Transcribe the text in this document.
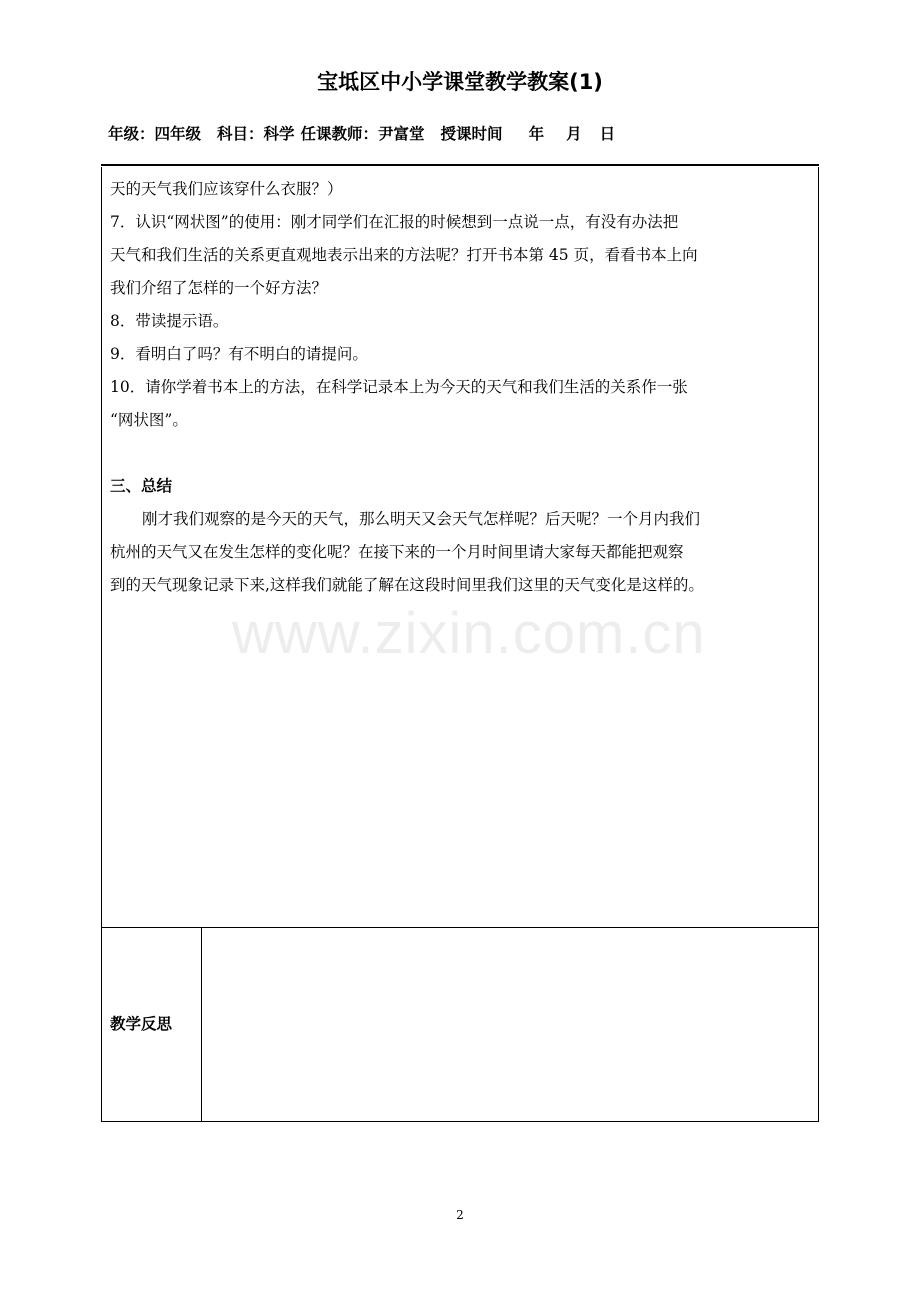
宝坻区中小学课堂教学教案(1)
年级：四年级 科目：科学 任课教师：尹富堂 授课时间 年 月 日

天的天气我们应该穿什么衣服？）

7．认识“网状图”的使用：刚才同学们在汇报的时候想到一点说一点，有没有办法把

天气和我们生活的关系更直观地表示出来的方法呢？打开书本第 45 页，看看书本上向

我们介绍了怎样的一个好方法？

8．带读提示语。

9．看明白了吗？有不明白的请提问。

10．请你学着书本上的方法，在科学记录本上为今天的天气和我们生活的关系作一张

“网状图”。

三、总结

刚才我们观察的是今天的天气，那么明天又会天气怎样呢？后天呢？一个月内我们

杭州的天气又在发生怎样的变化呢？在接下来的一个月时间里请大家每天都能把观察

到的天气现象记录下来,这样我们就能了解在这段时间里我们这里的天气变化是这样的。

www.zixin.com.cn
教学反思
2
